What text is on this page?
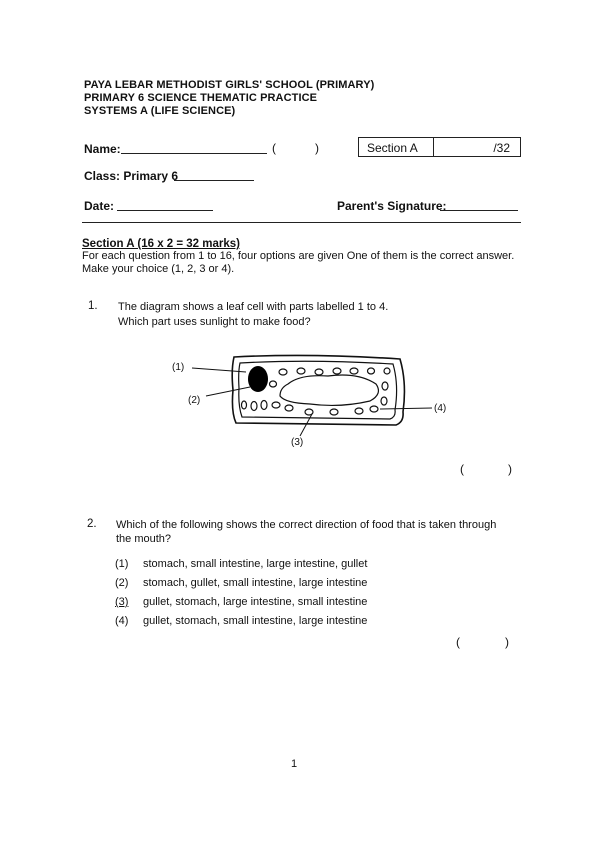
PAYA LEBAR METHODIST GIRLS' SCHOOL (PRIMARY)
PRIMARY 6 SCIENCE THEMATIC PRACTICE
SYSTEMS A (LIFE SCIENCE)
Name:	(	)	Section A	/32
Class: Primary 6
Date:	Parent's Signature:
Section A (16 x 2 = 32 marks)
For each question from 1 to 16, four options are given One of them is the correct answer.
Make your choice (1, 2, 3 or 4).
1. The diagram shows a leaf cell with parts labelled 1 to 4.
Which part uses sunlight to make food?
(1)
(2)
(3)
(4)
(	)
2. Which of the following shows the correct direction of food that is taken through
the mouth?
(1) stomach, small intestine, large intestine, gullet
(2) stomach, gullet, small intestine, large intestine
(3) gullet, stomach, large intestine, small intestine
(4) gullet, stomach, small intestine, large intestine
(	)
1
